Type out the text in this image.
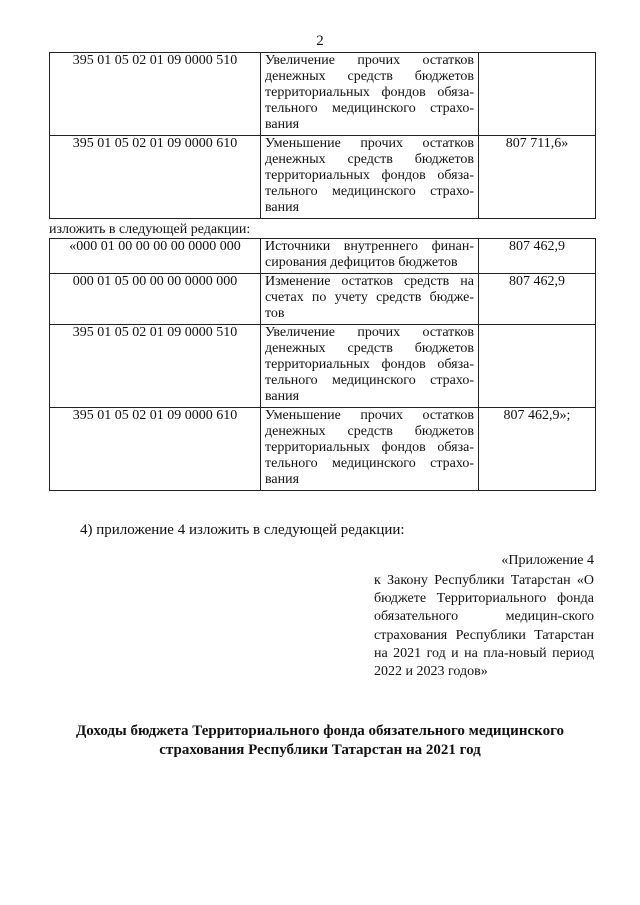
2
395 01 05 02 01 09 0000 510	Увеличение прочих остатков денежных средств бюджетов территориальных фондов обяза-тельного медицинского страхо-вания	
395 01 05 02 01 09 0000 610	Уменьшение прочих остатков денежных средств бюджетов территориальных фондов обяза-тельного медицинского страхо-вания	807 711,6»
изложить в следующей редакции:
«000 01 00 00 00 00 0000 000	Источники внутреннего финан-сирования дефицитов бюджетов	807 462,9
000 01 05 00 00 00 0000 000	Изменение остатков средств на счетах по учету средств бюдже-тов	807 462,9
395 01 05 02 01 09 0000 510	Увеличение прочих остатков денежных средств бюджетов территориальных фондов обяза-тельного медицинского страхо-вания	
395 01 05 02 01 09 0000 610	Уменьшение прочих остатков денежных средств бюджетов территориальных фондов обяза-тельного медицинского страхо-вания	807 462,9»;
4) приложение 4 изложить в следующей редакции:
«Приложение 4
к Закону Республики Татарстан «О бюджете Территориального фонда обязательного медицин-ского страхования Республики Татарстан на 2021 год и на пла-новый период 2022 и 2023 годов»
Доходы бюджета Территориального фонда обязательного медицинского страхования Республики Татарстан на 2021 год
